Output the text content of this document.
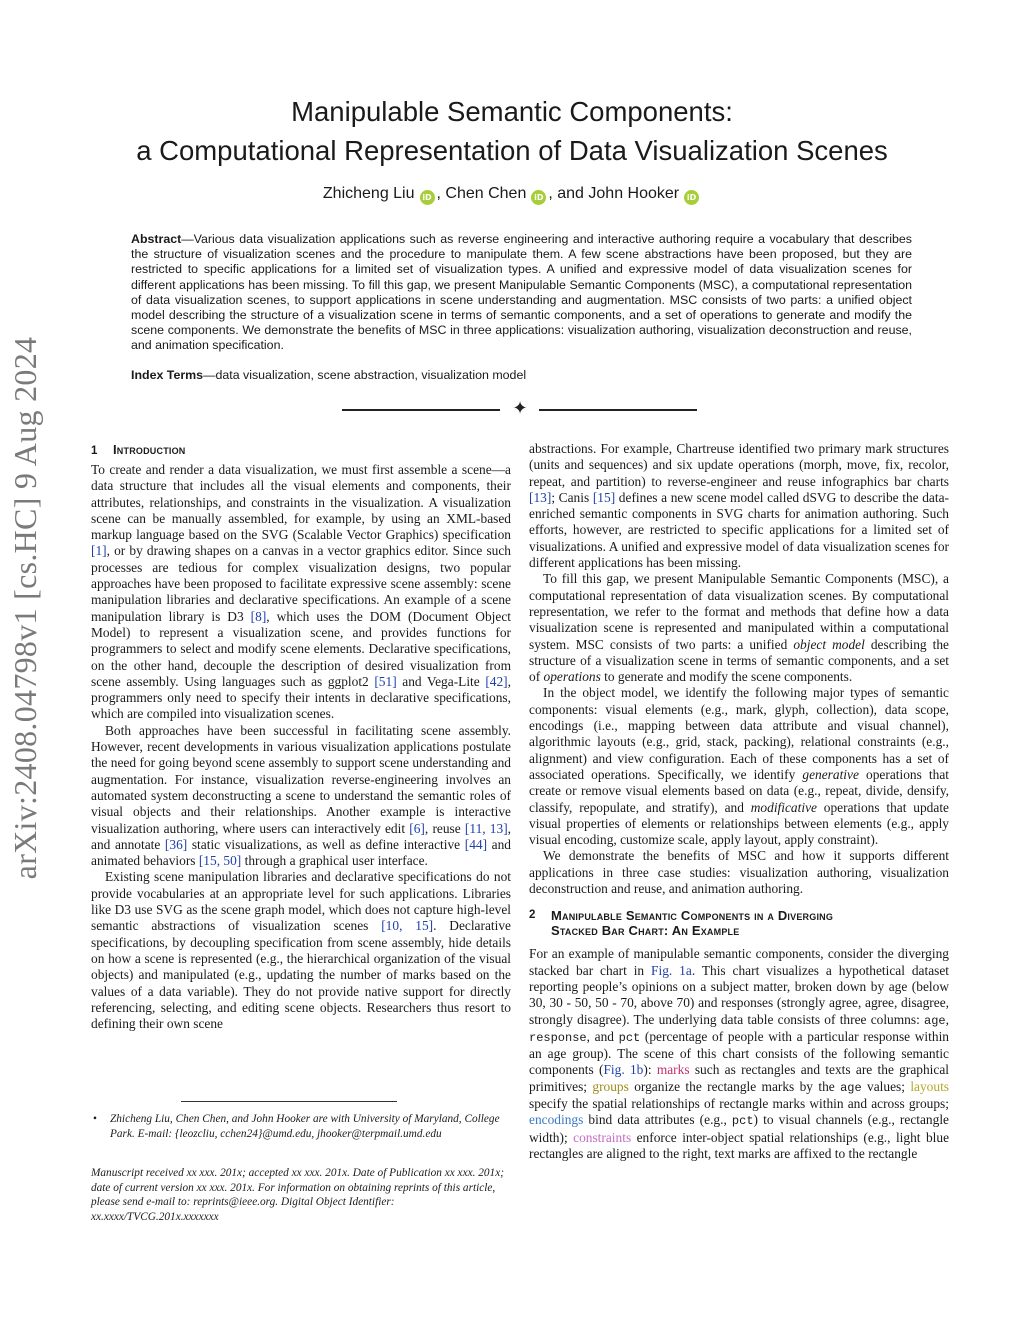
arXiv:2408.04798v1 [cs.HC] 9 Aug 2024
Manipulable Semantic Components:
a Computational Representation of Data Visualization Scenes
Zhicheng Liu iD , Chen Chen iD , and John Hooker iD
Abstract—Various data visualization applications such as reverse engineering and interactive authoring require a vocabulary that describes the structure of visualization scenes and the procedure to manipulate them. A few scene abstractions have been proposed, but they are restricted to specific applications for a limited set of visualization types. A unified and expressive model of data visualization scenes for different applications has been missing. To fill this gap, we present Manipulable Semantic Components (MSC), a computational representation of data visualization scenes, to support applications in scene understanding and augmentation. MSC consists of two parts: a unified object model describing the structure of a visualization scene in terms of semantic components, and a set of operations to generate and modify the scene components. We demonstrate the benefits of MSC in three applications: visualization authoring, visualization deconstruction and reuse, and animation specification.
Index Terms—data visualization, scene abstraction, visualization model
✦
1 Introduction

To create and render a data visualization, we must first assemble a scene—a data structure that includes all the visual elements and components, their attributes, relationships, and constraints in the visualization. A visualization scene can be manually assembled, for example, by using an XML-based markup language based on the SVG (Scalable Vector Graphics) specification [1], or by drawing shapes on a canvas in a vector graphics editor. Since such processes are tedious for complex visualization designs, two popular approaches have been proposed to facilitate expressive scene assembly: scene manipulation libraries and declarative specifications. An example of a scene manipulation library is D3 [8], which uses the DOM (Document Object Model) to represent a visualization scene, and provides functions for programmers to select and modify scene elements. Declarative specifications, on the other hand, decouple the description of desired visualization from scene assembly. Using languages such as ggplot2 [51] and Vega-Lite [42], programmers only need to specify their intents in declarative specifications, which are compiled into visualization scenes.

Both approaches have been successful in facilitating scene assembly. However, recent developments in various visualization applications postulate the need for going beyond scene assembly to support scene understanding and augmentation. For instance, visualization reverse-engineering involves an automated system deconstructing a scene to understand the semantic roles of visual objects and their relationships. Another example is interactive visualization authoring, where users can interactively edit [6], reuse [11, 13], and annotate [36] static visualizations, as well as define interactive [44] and animated behaviors [15, 50] through a graphical user interface.

Existing scene manipulation libraries and declarative specifications do not provide vocabularies at an appropriate level for such applications. Libraries like D3 use SVG as the scene graph model, which does not capture high-level semantic abstractions of visualization scenes [10, 15]. Declarative specifications, by decoupling specification from scene assembly, hide details on how a scene is represented (e.g., the hierarchical organization of the visual objects) and manipulated (e.g., updating the number of marks based on the values of a data variable). They do not provide native support for directly referencing, selecting, and editing scene objects. Researchers thus resort to defining their own scene

• Zhicheng Liu, Chen Chen, and John Hooker are with University of Maryland, College Park. E-mail: {leozcliu, cchen24}@umd.edu, jhooker@terpmail.umd.edu
Manuscript received xx xxx. 201x; accepted xx xxx. 201x. Date of Publication xx xxx. 201x; date of current version xx xxx. 201x. For information on obtaining reprints of this article, please send e-mail to: reprints@ieee.org. Digital Object Identifier: xx.xxxx/TVCG.201x.xxxxxxx

abstractions. For example, Chartreuse identified two primary mark structures (units and sequences) and six update operations (morph, move, fix, recolor, repeat, and partition) to reverse-engineer and reuse infographics bar charts [13]; Canis [15] defines a new scene model called dSVG to describe the data-enriched semantic components in SVG charts for animation authoring. Such efforts, however, are restricted to specific applications for a limited set of visualizations. A unified and expressive model of data visualization scenes for different applications has been missing.

To fill this gap, we present Manipulable Semantic Components (MSC), a computational representation of data visualization scenes. By computational representation, we refer to the format and methods that define how a data visualization scene is represented and manipulated within a computational system. MSC consists of two parts: a unified object model describing the structure of a visualization scene in terms of semantic components, and a set of operations to generate and modify the scene components.

In the object model, we identify the following major types of semantic components: visual elements (e.g., mark, glyph, collection), data scope, encodings (i.e., mapping between data attribute and visual channel), algorithmic layouts (e.g., grid, stack, packing), relational constraints (e.g., alignment) and view configuration. Each of these components has a set of associated operations. Specifically, we identify generative operations that create or remove visual elements based on data (e.g., repeat, divide, densify, classify, repopulate, and stratify), and modificative operations that update visual properties of elements or relationships between elements (e.g., apply visual encoding, customize scale, apply layout, apply constraint).

We demonstrate the benefits of MSC and how it supports different applications in three case studies: visualization authoring, visualization deconstruction and reuse, and animation authoring.

2	Manipulable Semantic Components in a Diverging
Stacked Bar Chart: An Example

For an example of manipulable semantic components, consider the diverging stacked bar chart in Fig. 1a. This chart visualizes a hypothetical dataset reporting people’s opinions on a subject matter, broken down by age (below 30, 30 - 50, 50 - 70, above 70) and responses (strongly agree, agree, disagree, strongly disagree). The underlying data table consists of three columns: age, response, and pct (percentage of people with a particular response within an age group). The scene of this chart consists of the following semantic components (Fig. 1b): marks such as rectangles and texts are the graphical primitives; groups organize the rectangle marks by the age values; layouts specify the spatial relationships of rectangle marks within and across groups; encodings bind data attributes (e.g., pct) to visual channels (e.g., rectangle width); constraints enforce inter-object spatial relationships (e.g., light blue rectangles are aligned to the right, text marks are affixed to the rectangle
